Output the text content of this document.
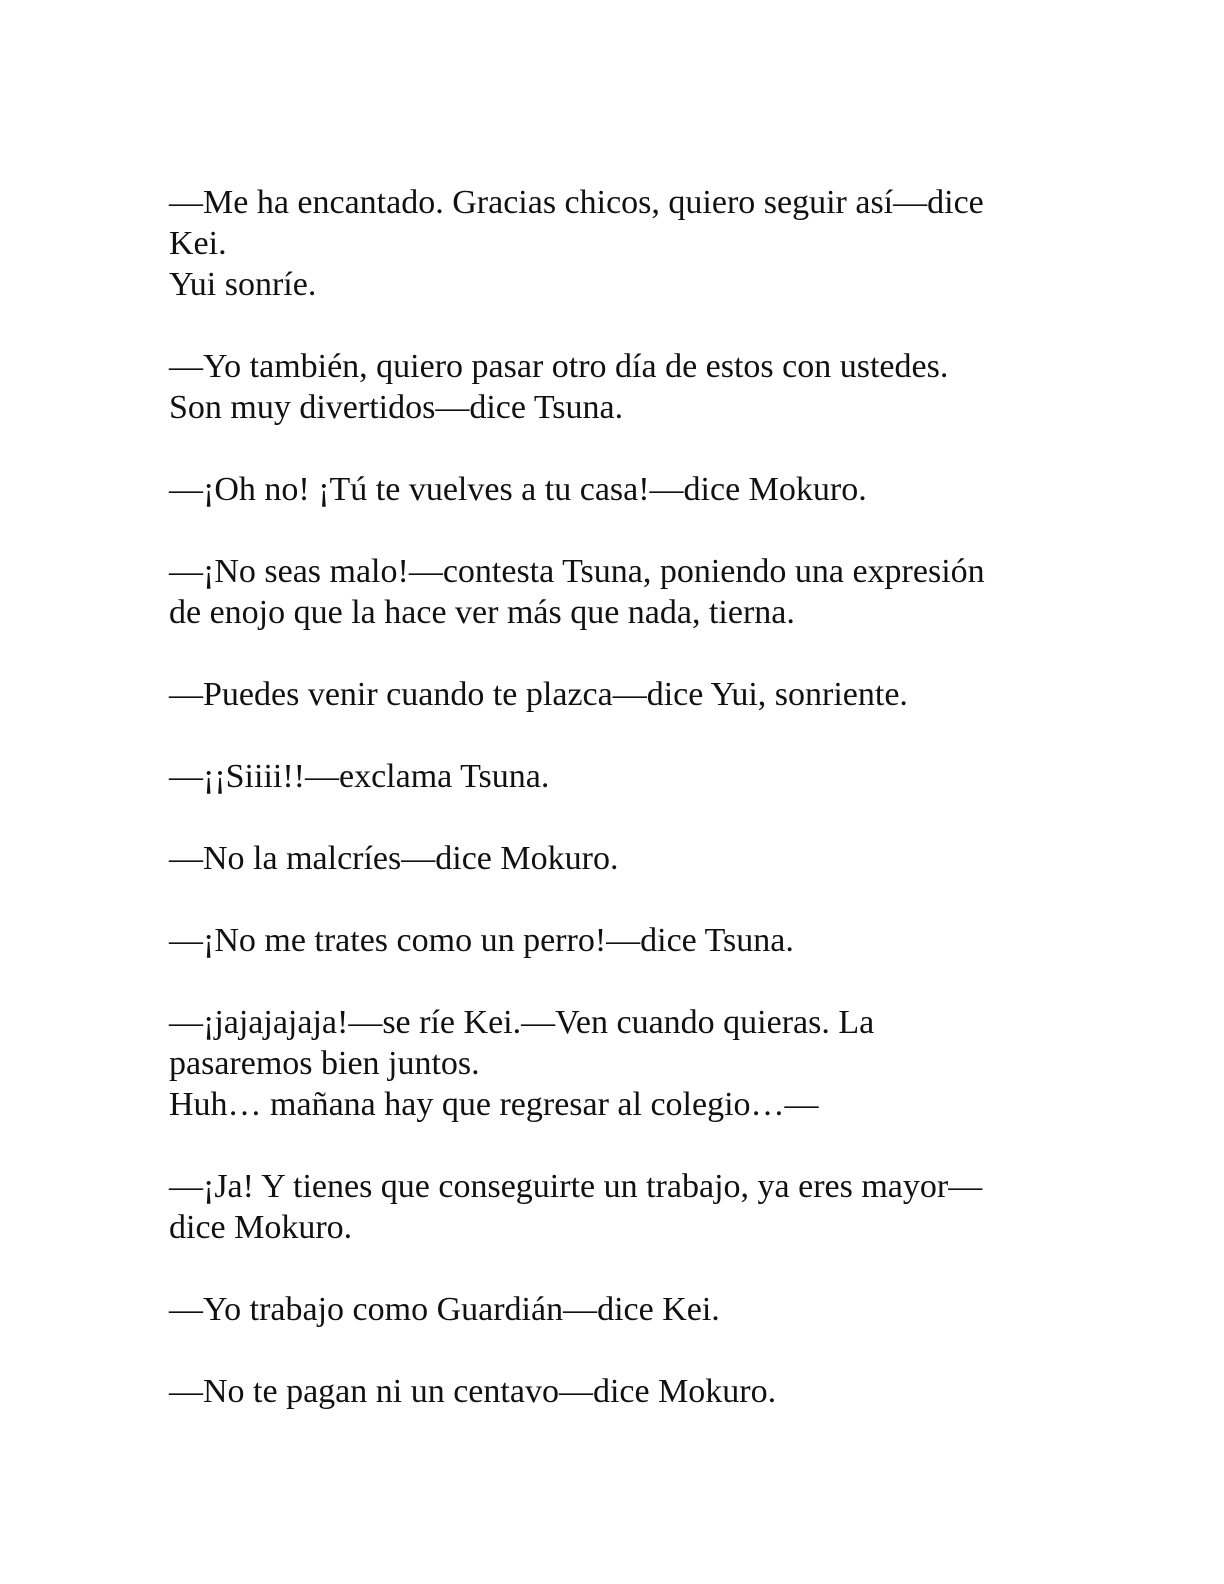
—Me ha encantado. Gracias chicos, quiero seguir así—dice
Kei.
Yui sonríe.
—Yo también, quiero pasar otro día de estos con ustedes.
Son muy divertidos—dice Tsuna.
—¡Oh no! ¡Tú te vuelves a tu casa!—dice Mokuro.
—¡No seas malo!—contesta Tsuna, poniendo una expresión
de enojo que la hace ver más que nada, tierna.
—Puedes venir cuando te plazca—dice Yui, sonriente.
—¡¡Siiii!!—exclama Tsuna.
—No la malcríes—dice Mokuro.
—¡No me trates como un perro!—dice Tsuna.
—¡jajajajaja!—se ríe Kei.—Ven cuando quieras. La
pasaremos bien juntos.
Huh… mañana hay que regresar al colegio…—
—¡Ja! Y tienes que conseguirte un trabajo, ya eres mayor—
dice Mokuro.
—Yo trabajo como Guardián—dice Kei.
—No te pagan ni un centavo—dice Mokuro.
